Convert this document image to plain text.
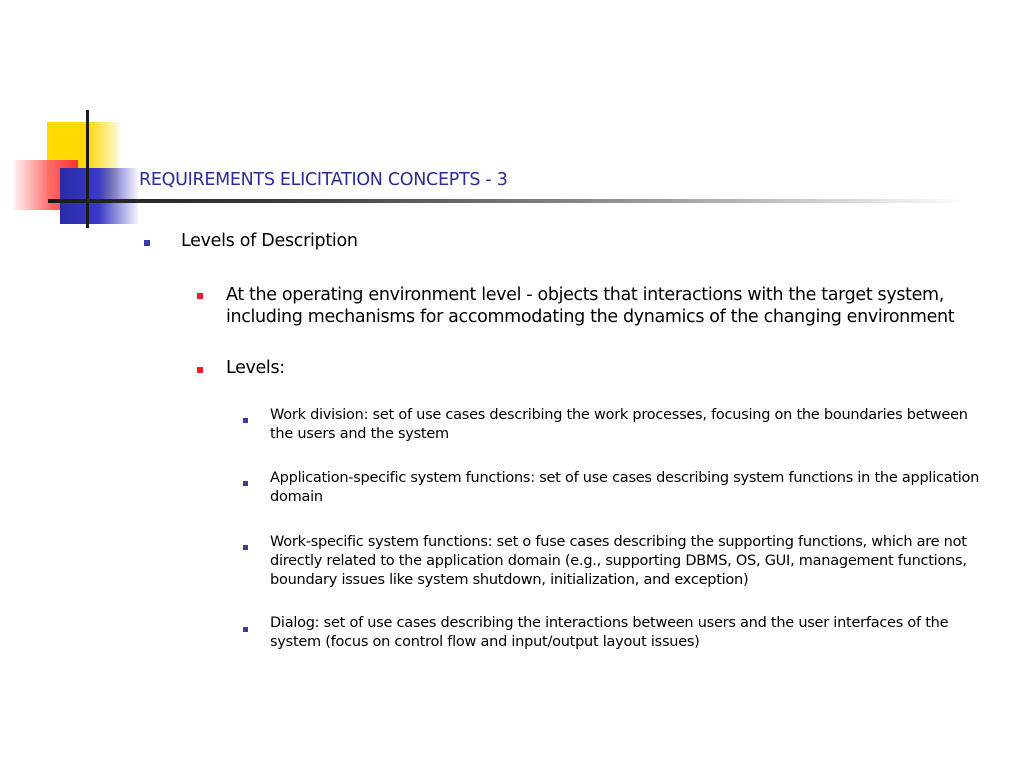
REQUIREMENTS ELICITATION CONCEPTS - 3
Levels of Description
At the operating environment level - objects that interactions with the target system, including mechanisms for accommodating the dynamics of the changing environment
Levels:
Work division: set of use cases describing the work processes, focusing on the boundaries between the users and the system
Application-specific system functions: set of use cases describing system functions in the application domain
Work-specific system functions: set o fuse cases describing the supporting functions, which are not directly related to the application domain (e.g., supporting DBMS, OS, GUI, management functions, boundary issues like system shutdown, initialization, and exception)
Dialog: set of use cases describing the interactions between users and the user interfaces of the system (focus on control flow and input/output layout issues)
